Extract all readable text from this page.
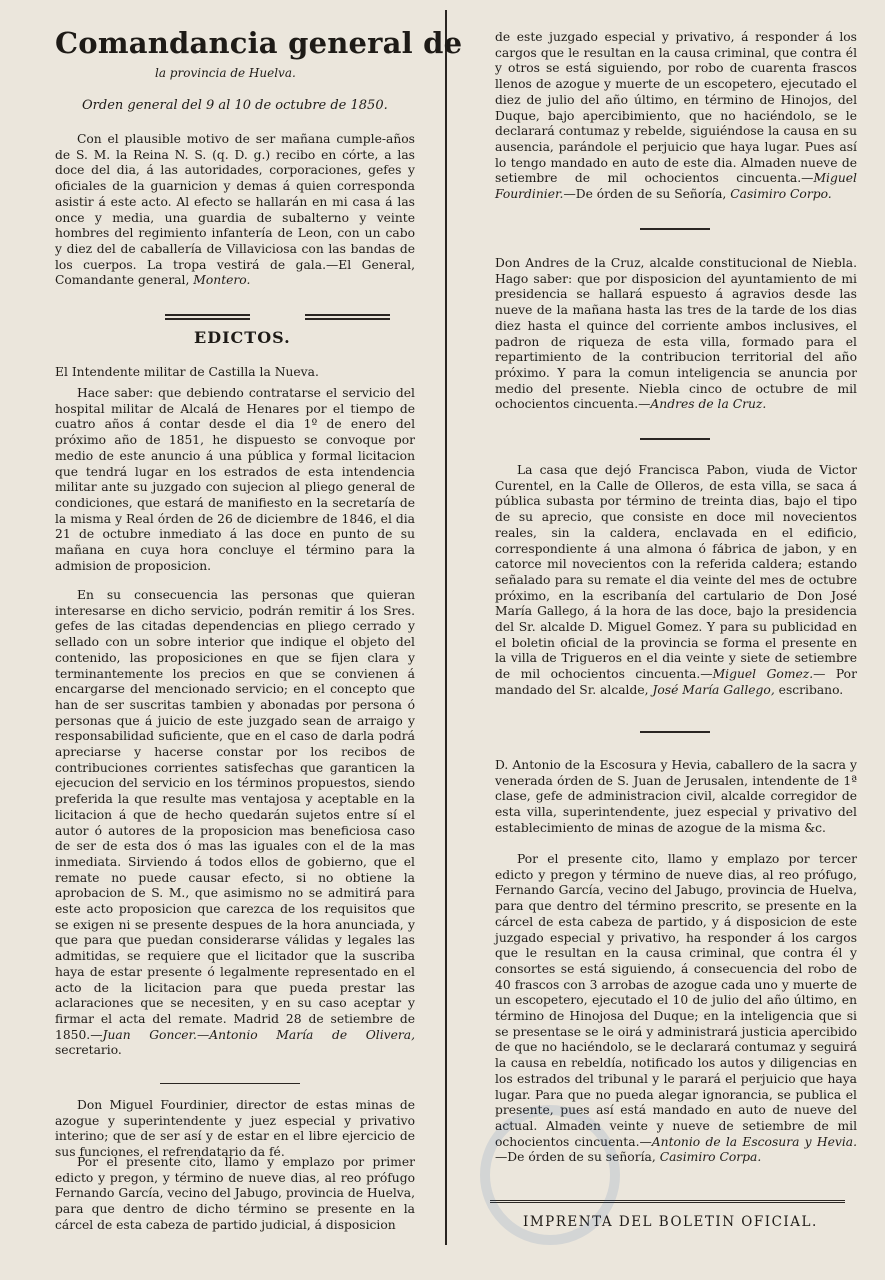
Comandancia general de
la provincia de Huelva.
Orden general del 9 al 10 de octubre de 1850.

Con el plausible motivo de ser mañana cumple-años de S. M. la Reina N. S. (q. D. g.) recibo en córte, a las doce del dia, á las autoridades, corporaciones, gefes y oficiales de la guarnicion y demas á quien corresponda asistir á este acto. Al efecto se hallarán en mi casa á las once y media, una guardia de subalterno y veinte hombres del regimiento infantería de Leon, con un cabo y diez del de caballería de Villaviciosa con las bandas de los cuerpos. La tropa vestirá de gala.—El General, Comandante general, Montero.

EDICTOS.
El Intendente militar de Castilla la Nueva.

Hace saber: que debiendo contratarse el servicio del hospital militar de Alcalá de Henares por el tiempo de cuatro años á contar desde el dia 1º de enero del próximo año de 1851, he dispuesto se convoque por medio de este anuncio á una pública y formal licitacion que tendrá lugar en los estrados de esta intendencia militar ante su juzgado con sujecion al pliego general de condiciones, que estará de manifiesto en la secretaría de la misma y Real órden de 26 de diciembre de 1846, el dia 21 de octubre inmediato á las doce en punto de su mañana en cuya hora concluye el término para la admision de proposicion.

En su consecuencia las personas que quieran interesarse en dicho servicio, podrán remitir á los Sres. gefes de las citadas dependencias en pliego cerrado y sellado con un sobre interior que indique el objeto del contenido, las proposiciones en que se fijen clara y terminantemente los precios en que se convienen á encargarse del mencionado servicio; en el concepto que han de ser suscritas tambien y abonadas por persona ó personas que á juicio de este juzgado sean de arraigo y responsabilidad suficiente, que en el caso de darla podrá apreciarse y hacerse constar por los recibos de contribuciones corrientes satisfechas que garanticen la ejecucion del servicio en los términos propuestos, siendo preferida la que resulte mas ventajosa y aceptable en la licitacion á que de hecho quedarán sujetos entre sí el autor ó autores de la proposicion mas beneficiosa caso de ser de esta dos ó mas las iguales con el de la mas inmediata. Sirviendo á todos ellos de gobierno, que el remate no puede causar efecto, si no obtiene la aprobacion de S. M., que asimismo no se admitirá para este acto proposicion que carezca de los requisitos que se exigen ni se presente despues de la hora anunciada, y que para que puedan considerarse válidas y legales las admitidas, se requiere que el licitador que la suscriba haya de estar presente ó legalmente representado en el acto de la licitacion para que pueda prestar las aclaraciones que se necesiten, y en su caso aceptar y firmar el acta del remate. Madrid 28 de setiembre de 1850.—Juan Goncer.—Antonio María de Olivera, secretario.

Don Miguel Fourdinier, director de estas minas de azogue y superintendente y juez especial y privativo interino; que de ser así y de estar en el libre ejercicio de sus funciones, el refrendatario da fé.

Por el presente cito, llamo y emplazo por primer edicto y pregon, y término de nueve dias, al reo prófugo Fernando García, vecino del Jabugo, provincia de Huelva, para que dentro de dicho término se presente en la cárcel de esta cabeza de partido judicial, á disposicion

de este juzgado especial y privativo, á responder á los cargos que le resultan en la causa criminal, que contra él y otros se está siguiendo, por robo de cuarenta frascos llenos de azogue y muerte de un escopetero, ejecutado el diez de julio del año último, en término de Hinojos, del Duque, bajo apercibimiento, que no haciéndolo, se le declarará contumaz y rebelde, siguiéndose la causa en su ausencia, parándole el perjuicio que haya lugar. Pues así lo tengo mandado en auto de este dia. Almaden nueve de setiembre de mil ochocientos cincuenta.—Miguel Fourdinier.—De órden de su Señoría, Casimiro Corpo.

Don Andres de la Cruz, alcalde constitucional de Niebla. Hago saber: que por disposicion del ayuntamiento de mi presidencia se hallará espuesto á agravios desde las nueve de la mañana hasta las tres de la tarde de los dias diez hasta el quince del corriente ambos inclusives, el padron de riqueza de esta villa, formado para el repartimiento de la contribucion territorial del año próximo. Y para la comun inteligencia se anuncia por medio del presente. Niebla cinco de octubre de mil ochocientos cincuenta.—Andres de la Cruz.

La casa que dejó Francisca Pabon, viuda de Victor Curentel, en la Calle de Olleros, de esta villa, se saca á pública subasta por término de treinta dias, bajo el tipo de su aprecio, que consiste en doce mil novecientos reales, sin la caldera, enclavada en el edificio, correspondiente á una almona ó fábrica de jabon, y en catorce mil novecientos con la referida caldera; estando señalado para su remate el dia veinte del mes de octubre próximo, en la escribanía del cartulario de Don José María Gallego, á la hora de las doce, bajo la presidencia del Sr. alcalde D. Miguel Gomez. Y para su publicidad en el boletin oficial de la provincia se forma el presente en la villa de Trigueros en el dia veinte y siete de setiembre de mil ochocientos cincuenta.—Miguel Gomez.— Por mandado del Sr. alcalde, José María Gallego, escribano.

D. Antonio de la Escosura y Hevia, caballero de la sacra y venerada órden de S. Juan de Jerusalen, intendente de 1ª clase, gefe de administracion civil, alcalde corregidor de esta villa, superintendente, juez especial y privativo del establecimiento de minas de azogue de la misma &c.

Por el presente cito, llamo y emplazo por tercer edicto y pregon y término de nueve dias, al reo prófugo, Fernando García, vecino del Jabugo, provincia de Huelva, para que dentro del término prescrito, se presente en la cárcel de esta cabeza de partido, y á disposicion de este juzgado especial y privativo, ha responder á los cargos que le resultan en la causa criminal, que contra él y consortes se está siguiendo, á consecuencia del robo de 40 frascos con 3 arrobas de azogue cada uno y muerte de un escopetero, ejecutado el 10 de julio del año último, en término de Hinojosa del Duque; en la inteligencia que si se presentase se le oirá y administrará justicia apercibido de que no haciéndolo, se le declarará contumaz y seguirá la causa en rebeldía, notificado los autos y diligencias en los estrados del tribunal y le parará el perjuicio que haya lugar. Para que no pueda alegar ignorancia, se publica el presente, pues así está mandado en auto de nueve del actual. Almaden veinte y nueve de setiembre de mil ochocientos cincuenta.—Antonio de la Escosura y Hevia. —De órden de su señoría, Casimiro Corpa.

IMPRENTA DEL BOLETIN OFICIAL.
